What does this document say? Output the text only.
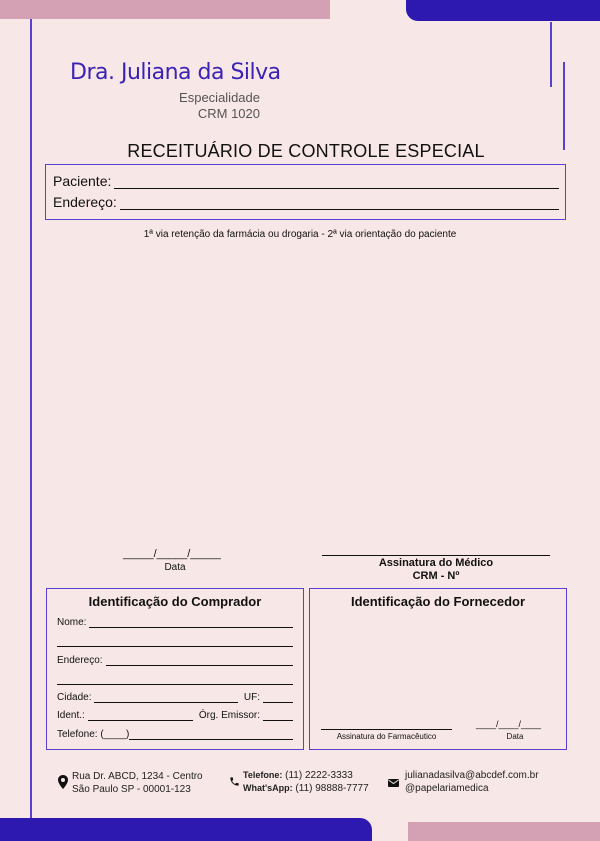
Dra. Juliana da Silva
Especialidade
CRM 1020
RECEITUÁRIO DE CONTROLE ESPECIAL
Paciente:
Endereço:
1ª via retenção da farmácia ou drogaria - 2ª via orientação do paciente
_____/_____/_____
Data	Assinatura do Médico
CRM - Nº
Identificação do Comprador
Nome:
Endereço:
Cidade:	UF:
Ident.:	Órg. Emissor:
Telefone: (____)
Identificação do Fornecedor
Assinatura do Farmacêutico
____/____/____
Data
Rua Dr. ABCD, 1234 - Centro
São Paulo SP - 00001-123
Telefone: (11) 2222-3333
What'sApp: (11) 98888-7777
julianadasilva@abcdef.com.br
@papelariamedica
